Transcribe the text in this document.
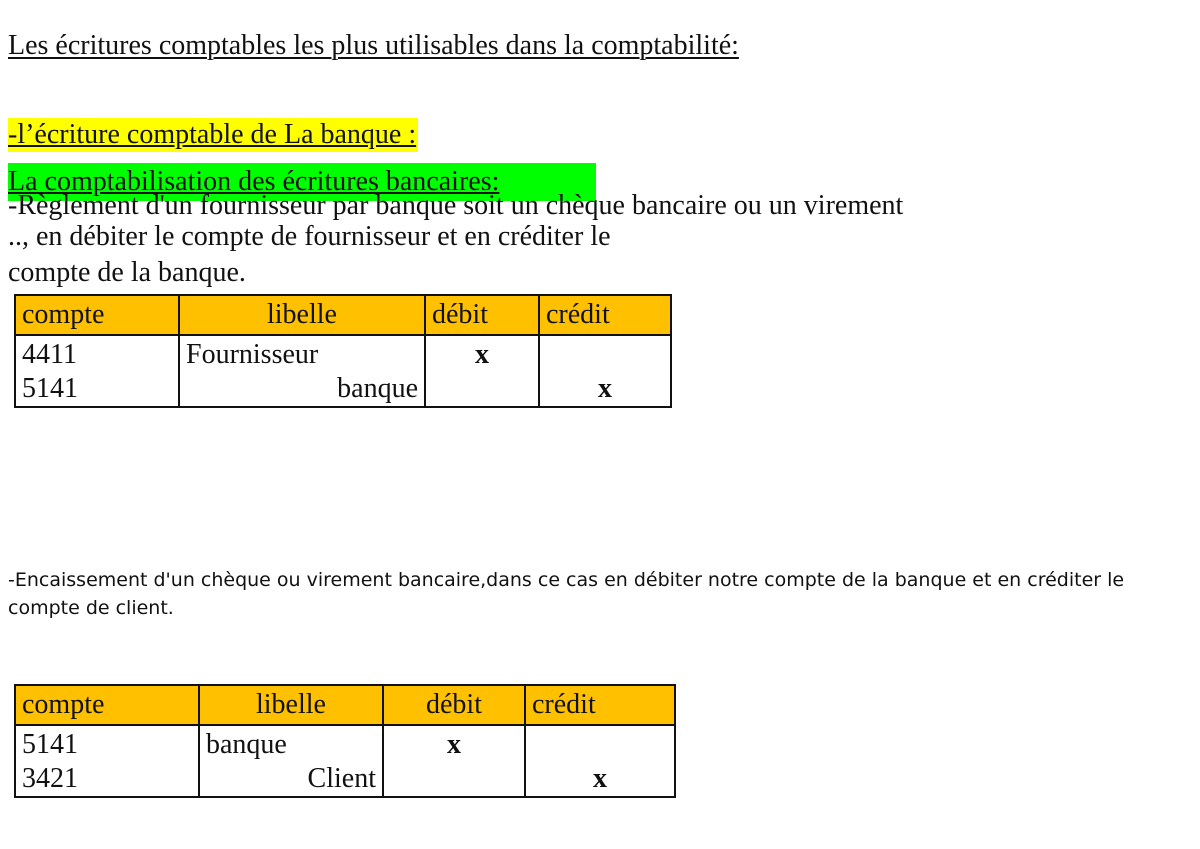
Les écritures comptables les plus utilisables dans la comptabilité:
-l’écriture comptable de La banque :
La comptabilisation des écritures bancaires:
-Règlement d'un fournisseur par banque soit un chèque bancaire ou un virement
.., en débiter le compte de fournisseur et en créditer le
compte de la banque.
compte	libelle	débit	crédit
4411	Fournisseur	x	
5141	banque		x
-Encaissement d'un chèque ou virement bancaire,dans ce cas en débiter notre compte de la banque et en créditer le compte de client.
compte	libelle	débit	crédit
5141	banque	x	
3421	Client		x
